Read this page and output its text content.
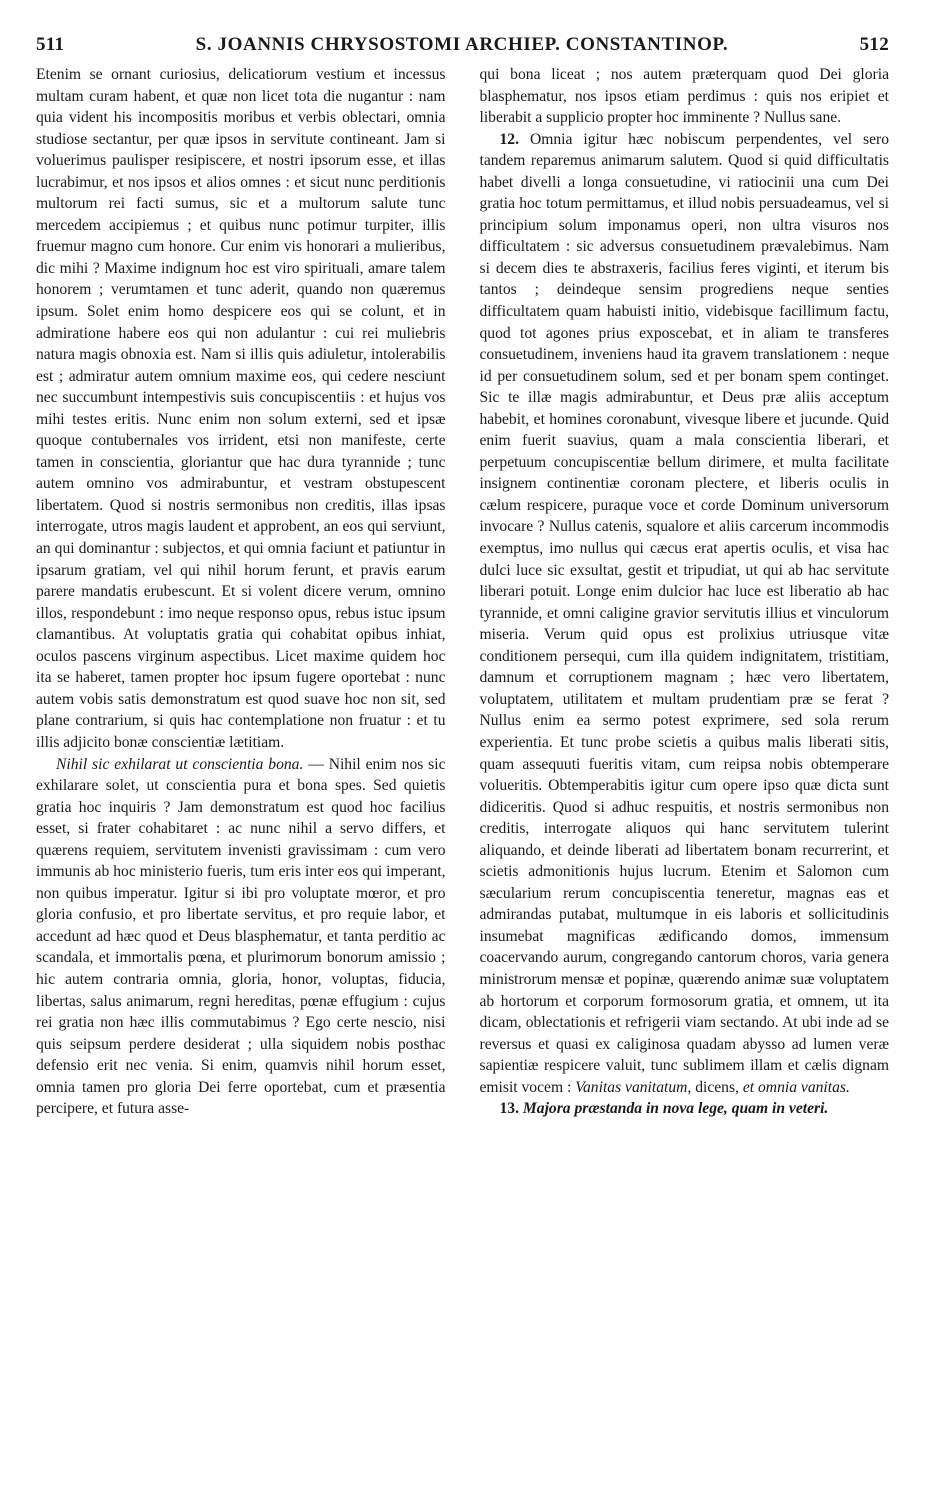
511	S. JOANNIS CHRYSOSTOMI ARCHIEP. CONSTANTINOP.	512

Etenim se ornant curiosius, delicatiorum vestium et incessus multam curam habent, et quæ non licet tota die nugantur : nam quia vident his incompositis moribus et verbis oblectari, omnia studiose sectantur, per quæ ipsos in servitute contineant. Jam si voluerimus paulisper resipiscere, et nostri ipsorum esse, et illas lucrabimur, et nos ipsos et alios omnes : et sicut nunc perditionis multorum rei facti sumus, sic et a multorum salute tunc mercedem accipiemus ; et quibus nunc potimur turpiter, illis fruemur magno cum honore. Cur enim vis honorari a mulieribus, dic mihi ? Maxime indignum hoc est viro spirituali, amare talem honorem ; verumtamen et tunc aderit, quando non quæremus ipsum. Solet enim homo despicere eos qui se colunt, et in admiratione habere eos qui non adulantur : cui rei muliebris natura magis obnoxia est. Nam si illis quis adiuletur, intolerabilis est ; admiratur autem omnium maxime eos, qui cedere nesciunt nec succumbunt intempestivis suis concupiscentiis : et hujus vos mihi testes eritis. Nunc enim non solum externi, sed et ipsæ quoque contubernales vos irrident, etsi non manifeste, certe tamen in conscientia, gloriantur que hac dura tyrannide ; tunc autem omnino vos admirabuntur, et vestram obstupescent libertatem. Quod si nostris sermonibus non creditis, illas ipsas interrogate, utros magis laudent et approbent, an eos qui serviunt, an qui dominantur : subjectos, et qui omnia faciunt et patiuntur in ipsarum gratiam, vel qui nihil horum ferunt, et pravis earum parere mandatis erubescunt. Et si volent dicere verum, omnino illos, respondebunt : imo neque responso opus, rebus istuc ipsum clamantibus. At voluptatis gratia qui cohabitat opibus inhiat, oculos pascens virginum aspectibus. Licet maxime quidem hoc ita se haberet, tamen propter hoc ipsum fugere oportebat : nunc autem vobis satis demonstratum est quod suave hoc non sit, sed plane contrarium, si quis hac contemplatione non fruatur : et tu illis adjicito bonæ conscientiæ lætitiam.

Nihil sic exhilarat ut conscientia bona. — Nihil enim nos sic exhilarare solet, ut conscientia pura et bona spes. Sed quietis gratia hoc inquiris ? Jam demonstratum est quod hoc facilius esset, si frater cohabitaret : ac nunc nihil a servo differs, et quærens requiem, servitutem invenisti gravissimam : cum vero immunis ab hoc ministerio fueris, tum eris inter eos qui imperant, non quibus imperatur. Igitur si ibi pro voluptate mœror, et pro gloria confusio, et pro libertate servitus, et pro requie labor, et accedunt ad hæc quod et Deus blasphematur, et tanta perditio ac scandala, et immortalis pœna, et plurimorum bonorum amissio ; hic autem contraria omnia, gloria, honor, voluptas, fiducia, libertas, salus animarum, regni hereditas, pœnæ effugium : cujus rei gratia non hæc illis commutabimus ? Ego certe nescio, nisi quis seipsum perdere desiderat ; ulla siquidem nobis posthac defensio erit nec venia. Si enim, quamvis nihil horum esset, omnia tamen pro gloria Dei ferre oportebat, cum et præsentia percipere, et futura asse-

qui bona liceat ; nos autem præterquam quod Dei gloria blasphematur, nos ipsos etiam perdimus : quis nos eripiet et liberabit a supplicio propter hoc imminente ? Nullus sane.

12. Omnia igitur hæc nobiscum perpendentes, vel sero tandem reparemus animarum salutem. Quod si quid difficultatis habet divelli a longa consuetudine, vi ratiocinii una cum Dei gratia hoc totum permittamus, et illud nobis persuadeamus, vel si principium solum imponamus operi, non ultra visuros nos difficultatem : sic adversus consuetudinem prævalebimus. Nam si decem dies te abstraxeris, facilius feres viginti, et iterum bis tantos ; deindeque sensim progrediens neque senties difficultatem quam habuisti initio, videbisque facillimum factu, quod tot agones prius exposcebat, et in aliam te transferes consuetudinem, inveniens haud ita gravem translationem : neque id per consuetudinem solum, sed et per bonam spem continget. Sic te illæ magis admirabuntur, et Deus præ aliis acceptum habebit, et homines coronabunt, vivesque libere et jucunde. Quid enim fuerit suavius, quam a mala conscientia liberari, et perpetuum concupiscentiæ bellum dirimere, et multa facilitate insignem continentiæ coronam plectere, et liberis oculis in cælum respicere, puraque voce et corde Dominum universorum invocare ? Nullus catenis, squalore et aliis carcerum incommodis exemptus, imo nullus qui cæcus erat apertis oculis, et visa hac dulci luce sic exsultat, gestit et tripudiat, ut qui ab hac servitute liberari potuit. Longe enim dulcior hac luce est liberatio ab hac tyrannide, et omni caligine gravior servitutis illius et vinculorum miseria. Verum quid opus est prolixius utriusque vitæ conditionem persequi, cum illa quidem indignitatem, tristitiam, damnum et corruptionem magnam ; hæc vero libertatem, voluptatem, utilitatem et multam prudentiam præ se ferat ? Nullus enim ea sermo potest exprimere, sed sola rerum experientia. Et tunc probe scietis a quibus malis liberati sitis, quam assequuti fueritis vitam, cum reipsa nobis obtemperare volueritis. Obtemperabitis igitur cum opere ipso quæ dicta sunt didiceritis. Quod si adhuc respuitis, et nostris sermonibus non creditis, interrogate aliquos qui hanc servitutem tulerint aliquando, et deinde liberati ad libertatem bonam recurrerint, et scietis admonitionis hujus lucrum. Etenim et Salomon cum sæcularium rerum concupiscentia teneretur, magnas eas et admirandas putabat, multumque in eis laboris et sollicitudinis insumebat magnificas ædificando domos, immensum coacervando aurum, congregando cantorum choros, varia genera ministrorum mensæ et popinæ, quærendo animæ suæ voluptatem ab hortorum et corporum formosorum gratia, et omnem, ut ita dicam, oblectationis et refrigerii viam sectando. At ubi inde ad se reversus et quasi ex caliginosa quadam abysso ad lumen veræ sapientiæ respicere valuit, tunc sublimem illam et cælis dignam emisit vocem : Vanitas vanitatum, dicens, et omnia vanitas.

13. Majora præstanda in nova lege, quam in veteri.
